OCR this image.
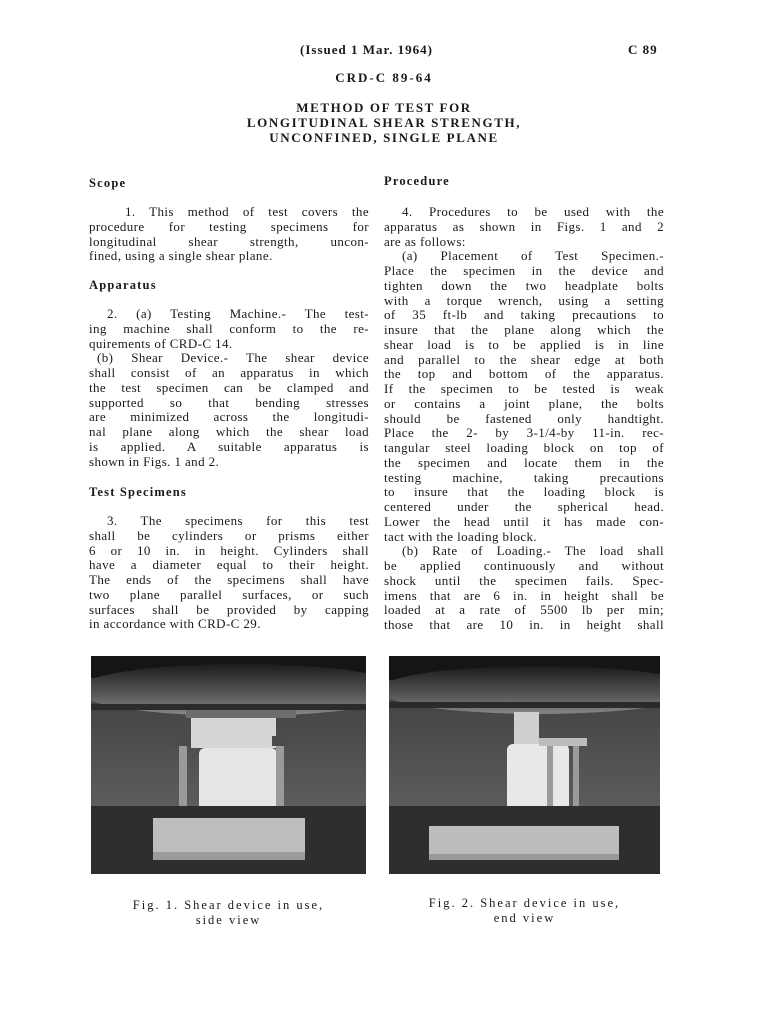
(Issued 1 Mar. 1964)	C 89
CRD-C 89-64
METHOD OF TEST FOR
LONGITUDINAL SHEAR STRENGTH,
UNCONFINED, SINGLE PLANE
Scope

1. This method of test covers the

procedure for testing specimens for
longitudinal shear strength, uncon-
fined, using a single shear plane.
Apparatus
2. (a) Testing Machine.- The test-
ing machine shall conform to the re-
quirements of CRD-C 14.
(b) Shear Device.- The shear device
shall consist of an apparatus in which
the test specimen can be clamped and
supported so that bending stresses
are minimized across the longitudi-
nal plane along which the shear load
is applied. A suitable apparatus is
shown in Figs. 1 and 2.
Test Specimens
3. The specimens for this test
shall be cylinders or prisms either
6 or 10 in. in height. Cylinders shall
have a diameter equal to their height.
The ends of the specimens shall have
two plane parallel surfaces, or such
surfaces shall be provided by capping
in accordance with CRD-C 29.
Procedure
4. Procedures to be used with the
apparatus as shown in Figs. 1 and 2
are as follows:
(a) Placement of Test Specimen.-
Place the specimen in the device and
tighten down the two headplate bolts
with a torque wrench, using a setting
of 35 ft-lb and taking precautions to
insure that the plane along which the
shear load is to be applied is in line
and parallel to the shear edge at both
the top and bottom of the apparatus.
If the specimen to be tested is weak
or contains a joint plane, the bolts
should be fastened only handtight.
Place the 2- by 3-1/4-by 11-in. rec-
tangular steel loading block on top of
the specimen and locate them in the
testing machine, taking precautions
to insure that the loading block is
centered under the spherical head.
Lower the head until it has made con-
tact with the loading block.
(b) Rate of Loading.- The load shall
be applied continuously and without
shock until the specimen fails. Spec-
imens that are 6 in. in height shall be
loaded at a rate of 5500 lb per min;
those that are 10 in. in height shall
Fig. 1. Shear device in use,
side view
Fig. 2. Shear device in use,
end view
